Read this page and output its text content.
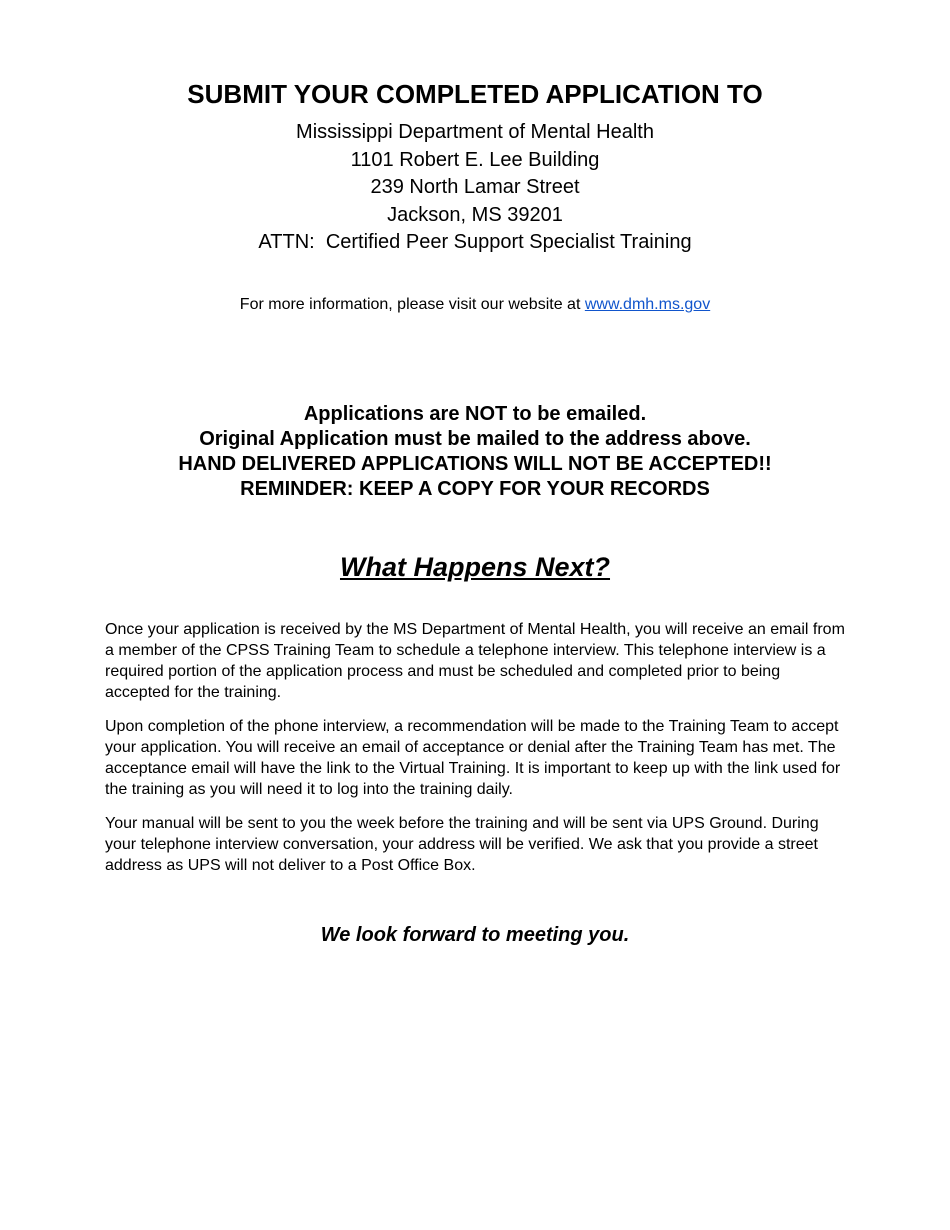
SUBMIT YOUR COMPLETED APPLICATION TO
Mississippi Department of Mental Health
1101 Robert E. Lee Building
239 North Lamar Street
Jackson, MS 39201
ATTN:  Certified Peer Support Specialist Training
For more information, please visit our website at www.dmh.ms.gov
Applications are NOT to be emailed.
Original Application must be mailed to the address above.
HAND DELIVERED APPLICATIONS WILL NOT BE ACCEPTED!!
REMINDER: KEEP A COPY FOR YOUR RECORDS
What Happens Next?

Once your application is received by the MS Department of Mental Health, you will receive an email from a member of the CPSS Training Team to schedule a telephone interview. This telephone interview is a required portion of the application process and must be scheduled and completed prior to being accepted for the training.

Upon completion of the phone interview, a recommendation will be made to the Training Team to accept your application. You will receive an email of acceptance or denial after the Training Team has met. The acceptance email will have the link to the Virtual Training. It is important to keep up with the link used for the training as you will need it to log into the training daily.

Your manual will be sent to you the week before the training and will be sent via UPS Ground. During your telephone interview conversation, your address will be verified. We ask that you provide a street address as UPS will not deliver to a Post Office Box.

We look forward to meeting you.
